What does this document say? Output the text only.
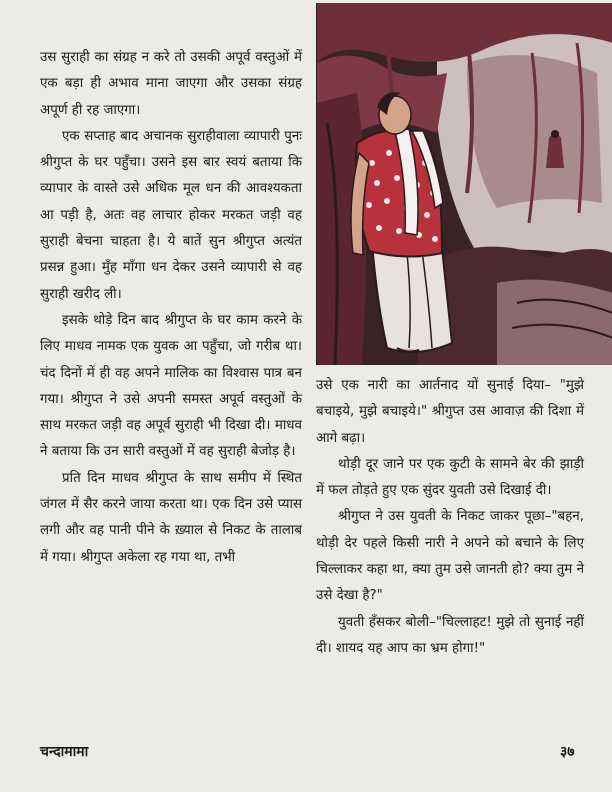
उस सुराही का संग्रह न करे तो उसकी अपूर्व वस्तुओं में एक बड़ा ही अभाव माना जाएगा और उसका संग्रह अपूर्ण ही रह जाएगा।

एक सप्ताह बाद अचानक सुराहीवाला व्यापारी पुनः श्रीगुप्त के घर पहुँचा। उसने इस बार स्वयं बताया कि व्यापार के वास्ते उसे अधिक मूल धन की आवश्यकता आ पड़ी है, अतः वह लाचार होकर मरकत जड़ी वह सुराही बेचना चाहता है। ये बातें सुन श्रीगुप्त अत्यंत प्रसन्न हुआ। मुँह माँगा धन देकर उसने व्यापारी से वह सुराही खरीद ली।

इसके थोड़े दिन बाद श्रीगुप्त के घर काम करने के लिए माधव नामक एक युवक आ पहुँचा, जो गरीब था। चंद दिनों में ही वह अपने मालिक का विश्वास पात्र बन गया। श्रीगुप्त ने उसे अपनी समस्त अपूर्व वस्तुओं के साथ मरकत जड़ी वह अपूर्व सुराही भी दिखा दी। माधव ने बताया कि उन सारी वस्तुओं में वह सुराही बेजोड़ है।

प्रति दिन माधव श्रीगुप्त के साथ समीप में स्थित जंगल में सैर करने जाया करता था। एक दिन उसे प्यास लगी और वह पानी पीने के ख़्याल से निकट के तालाब में गया। श्रीगुप्त अकेला रह गया था, तभी

उसे एक नारी का आर्तनाद यों सुनाई दिया– "मुझे बचाइये, मुझे बचाइये।" श्रीगुप्त उस आवाज़ की दिशा में आगे बढ़ा।

थोड़ी दूर जाने पर एक कुटी के सामने बेर की झाड़ी में फल तोड़ते हुए एक सुंदर युवती उसे दिखाई दी।

श्रीगुप्त ने उस युवती के निकट जाकर पूछा–"बहन, थोड़ी देर पहले किसी नारी ने अपने को बचाने के लिए चिल्लाकर कहा था, क्या तुम उसे जानती हो? क्या तुम ने उसे देखा है?"

युवती हँसकर बोली–"चिल्लाहट! मुझे तो सुनाई नहीं दी। शायद यह आप का भ्रम होगा!"

चन्दामामा	३७
